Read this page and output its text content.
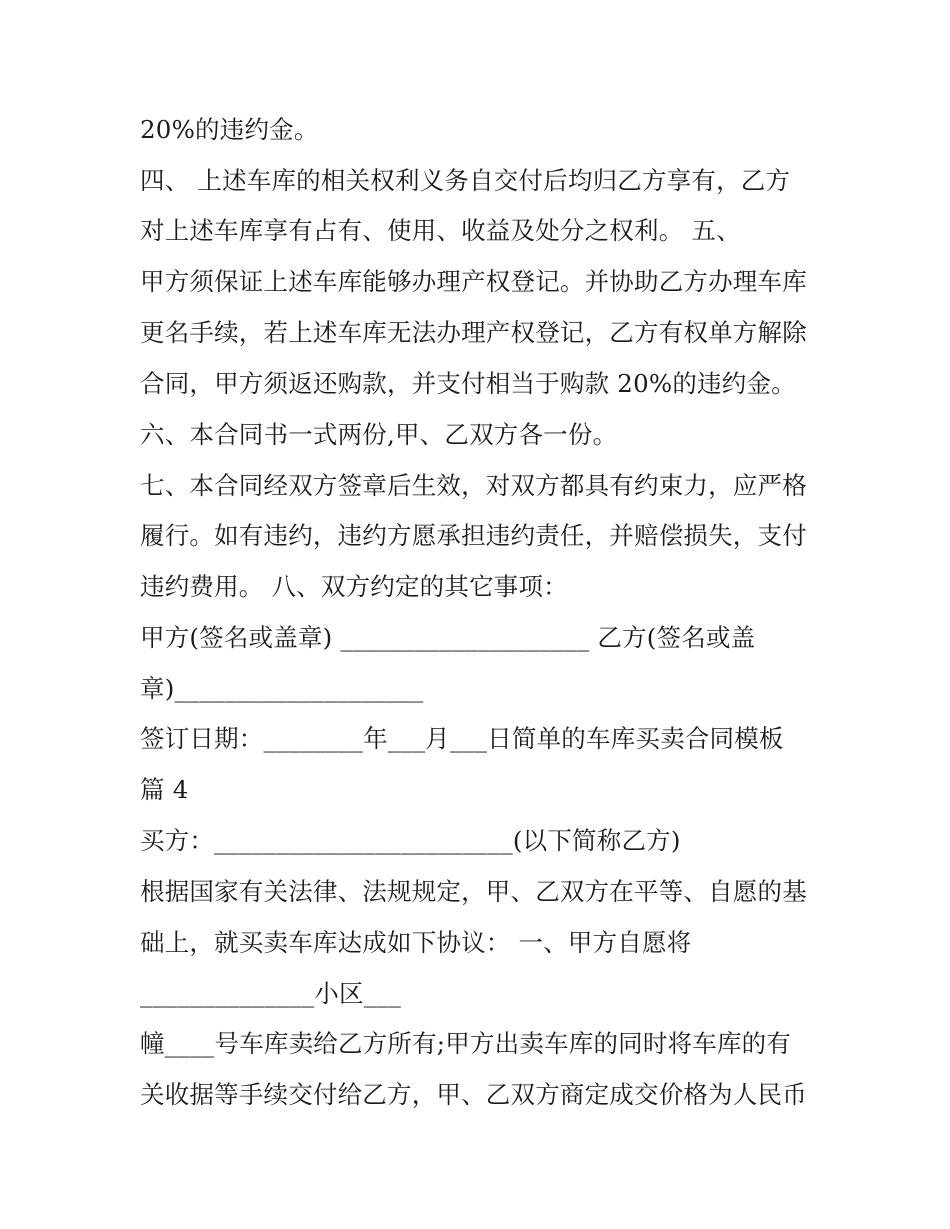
20%的违约金。
四、 上述车库的相关权利义务自交付后均归乙方享有，乙方
对上述车库享有占有、使用、收益及处分之权利。 五、
甲方须保证上述车库能够办理产权登记。并协助乙方办理车库
更名手续，若上述车库无法办理产权登记，乙方有权单方解除
合同，甲方须返还购款，并支付相当于购款 20%的违约金。
六、本合同书一式两份,甲、乙双方各一份。
七、本合同经双方签章后生效，对双方都具有约束力，应严格
履行。如有违约，违约方愿承担违约责任，并赔偿损失，支付
违约费用。 八、双方约定的其它事项：
甲方(签名或盖章) ____________________ 乙方(签名或盖
章)____________________
签订日期：________年___月___日简单的车库买卖合同模板
篇 4
买方：________________________(以下简称乙方)
根据国家有关法律、法规规定，甲、乙双方在平等、自愿的基
础上，就买卖车库达成如下协议： 一、甲方自愿将
______________小区___
幢____号车库卖给乙方所有;甲方出卖车库的同时将车库的有
关收据等手续交付给乙方，甲、乙双方商定成交价格为人民币
